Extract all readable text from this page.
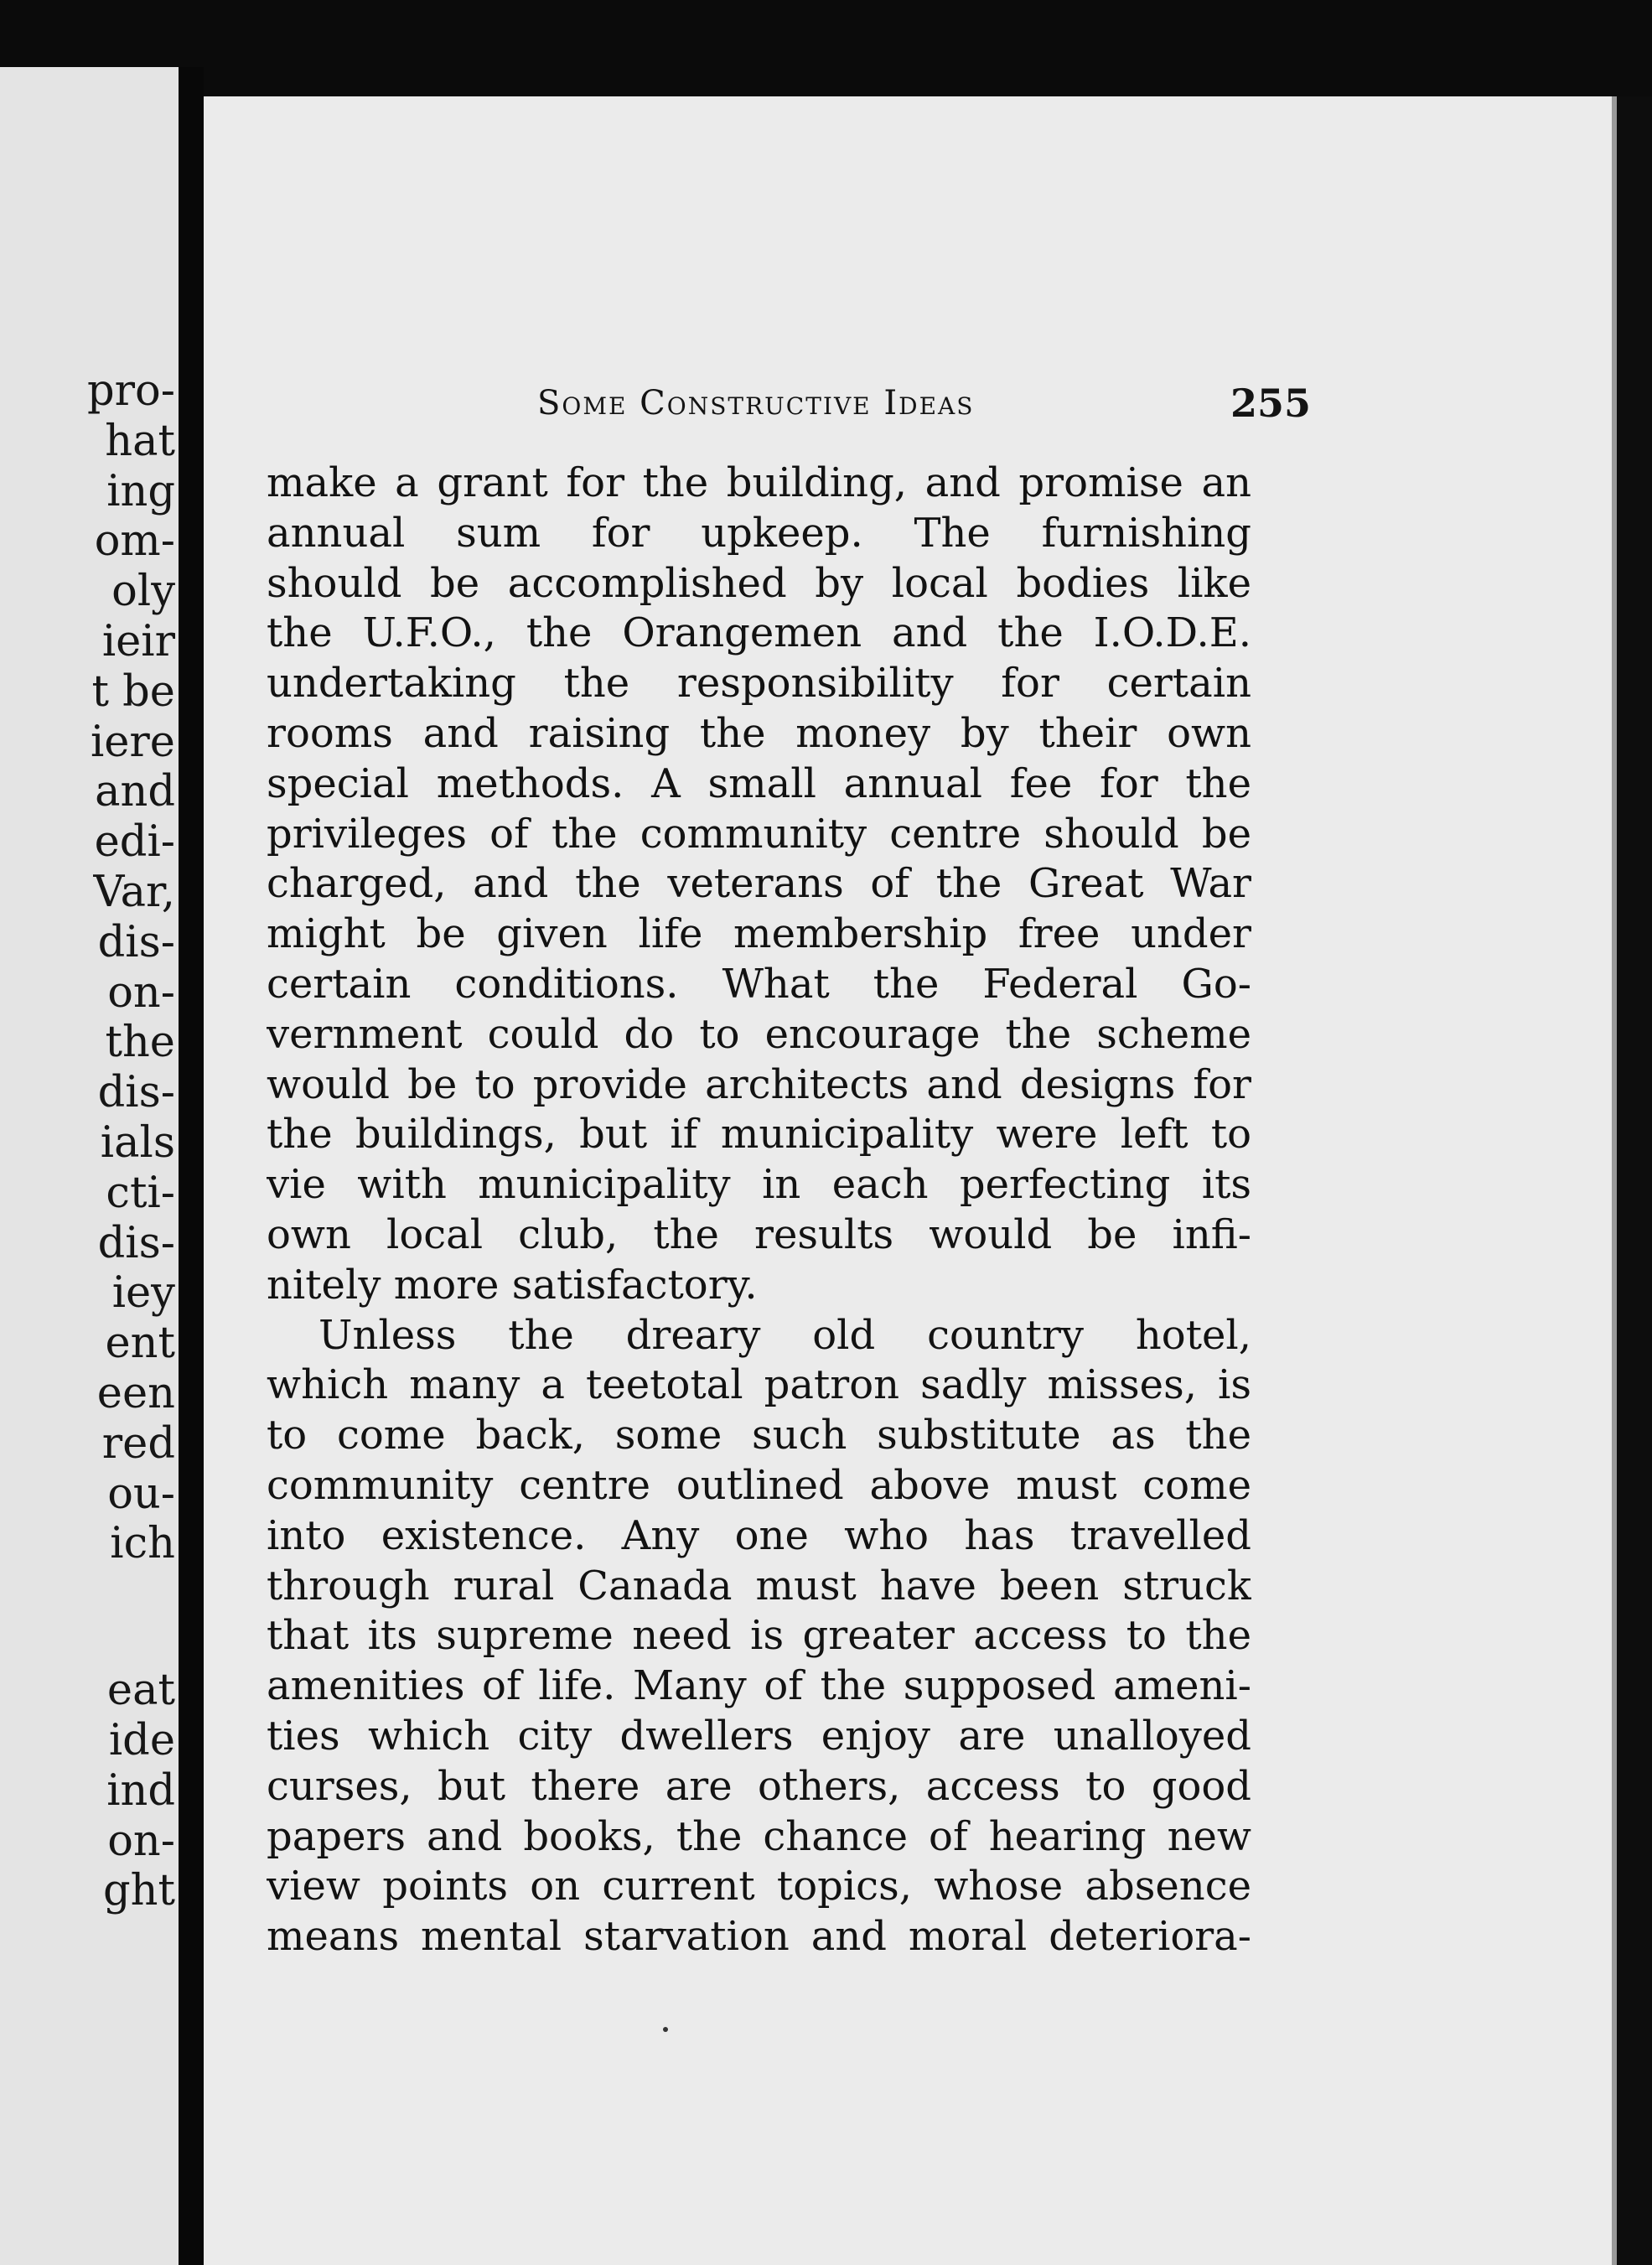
pro-
hat
ing
om-
oly
ieir
t be
iere
and
edi-
Var,
dis-
on-
the
dis-
ials
cti-
dis-
iey
ent
een
red
ou-
ich
eat
ide
ind
on-
ght
Some Constructive Ideas	255
make a grant for the building, and promise an
annual sum for upkeep. The furnishing
should be accomplished by local bodies like
the U.F.O., the Orangemen and the I.O.D.E.
undertaking the responsibility for certain
rooms and raising the money by their own
special methods. A small annual fee for the
privileges of the community centre should be
charged, and the veterans of the Great War
might be given life membership free under
certain conditions. What the Federal Go-
vernment could do to encourage the scheme
would be to provide architects and designs for
the buildings, but if municipality were left to
vie with municipality in each perfecting its
own local club, the results would be infi-
nitely more satisfactory.
Unless the dreary old country hotel,
which many a teetotal patron sadly misses, is
to come back, some such substitute as the
community centre outlined above must come
into existence. Any one who has travelled
through rural Canada must have been struck
that its supreme need is greater access to the
amenities of life. Many of the supposed ameni-
ties which city dwellers enjoy are unalloyed
curses, but there are others, access to good
papers and books, the chance of hearing new
view points on current topics, whose absence
means mental starvation and moral deteriora-
